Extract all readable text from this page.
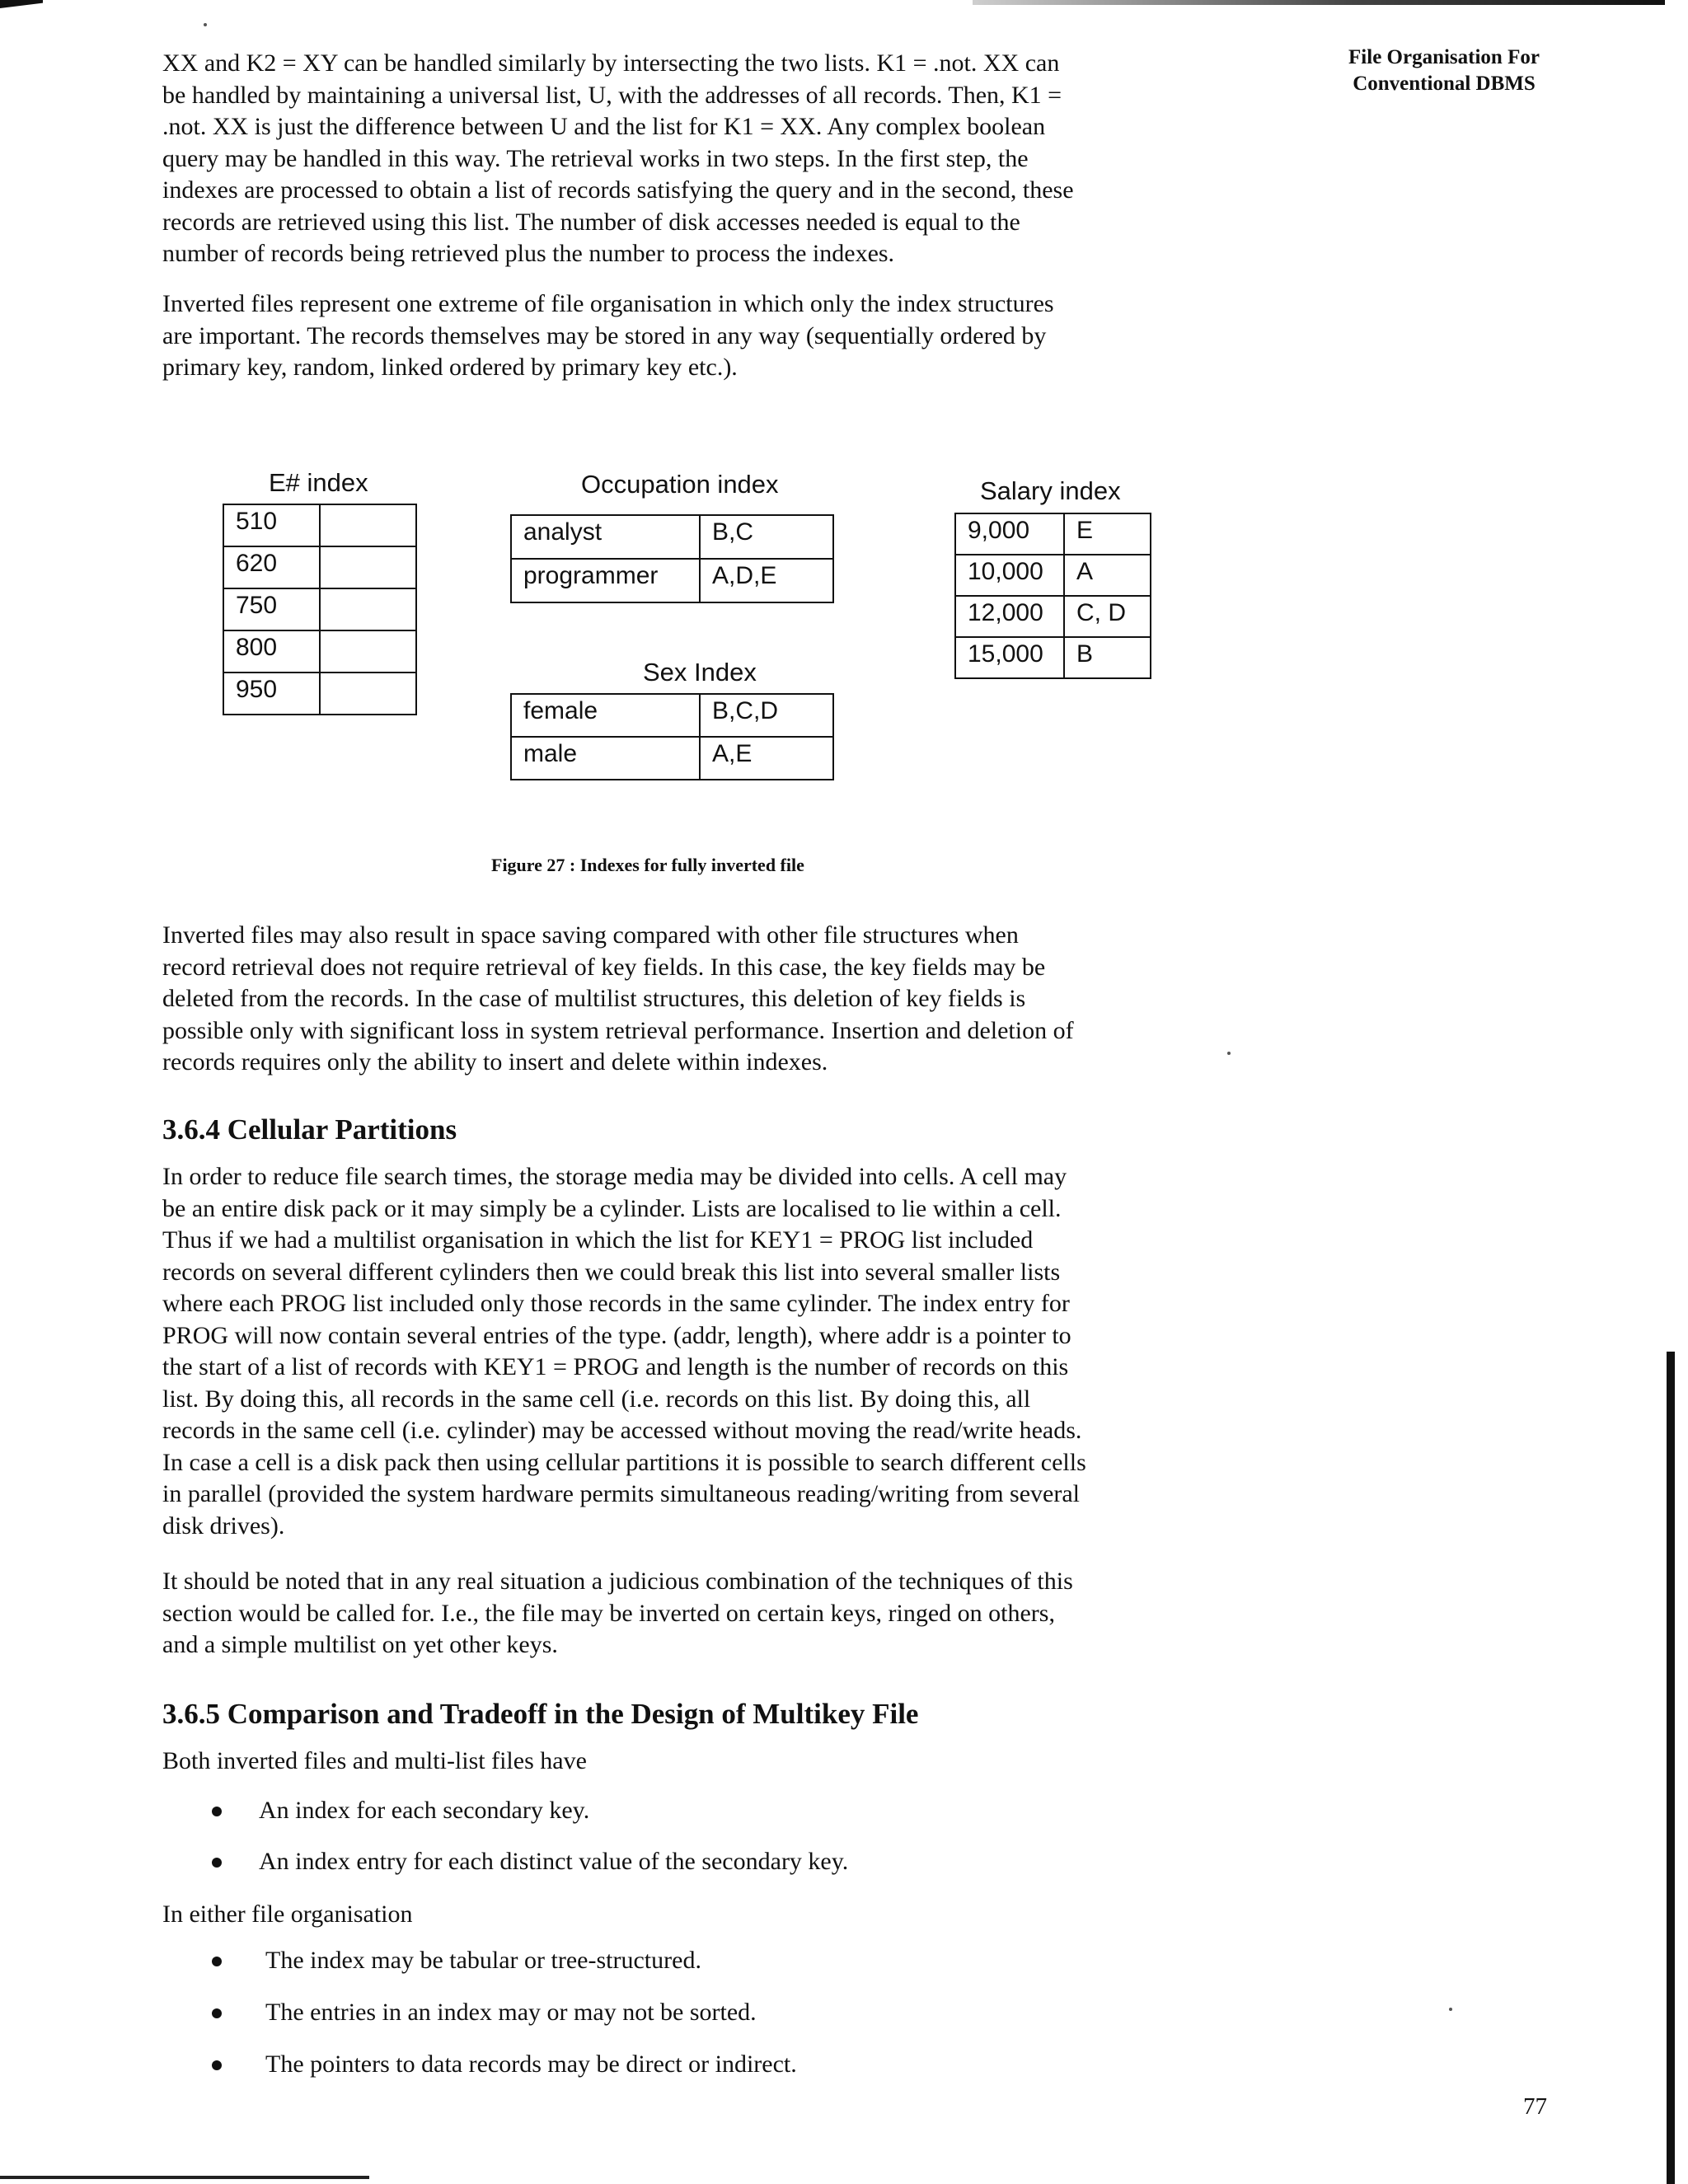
File Organisation For
Conventional DBMS

XX and K2 = XY can be handled similarly by intersecting the two lists. K1 = .not. XX can
be handled by maintaining a universal list, U, with the addresses of all records. Then, K1 =
.not. XX is just the difference between U and the list for K1 = XX. Any complex boolean
query may be handled in this way. The retrieval works in two steps. In the first step, the
indexes are processed to obtain a list of records satisfying the query and in the second, these
records are retrieved using this list. The number of disk accesses needed is equal to the
number of records being retrieved plus the number to process the indexes.

Inverted files represent one extreme of file organisation in which only the index structures
are important. The records themselves may be stored in any way (sequentially ordered by
primary key, random, linked ordered by primary key etc.).

E# index
510	
620	
750	
800	
950	
Occupation index
analyst	B,C
programmer	A,D,E
Sex Index
female	B,C,D
male	A,E
Salary index
9,000	E
10,000	A
12,000	C, D
15,000	B
Figure 27 : Indexes for fully inverted file

Inverted files may also result in space saving compared with other file structures when
record retrieval does not require retrieval of key fields. In this case, the key fields may be
deleted from the records. In the case of multilist structures, this deletion of key fields is
possible only with significant loss in system retrieval performance. Insertion and deletion of
records requires only the ability to insert and delete within indexes.

3.6.4 Cellular Partitions

In order to reduce file search times, the storage media may be divided into cells. A cell may
be an entire disk pack or it may simply be a cylinder. Lists are localised to lie within a cell.
Thus if we had a multilist organisation in which the list for KEY1 = PROG list included
records on several different cylinders then we could break this list into several smaller lists
where each PROG list included only those records in the same cylinder. The index entry for
PROG will now contain several entries of the type. (addr, length), where addr is a pointer to
the start of a list of records with KEY1 = PROG and length is the number of records on this
list. By doing this, all records in the same cell (i.e. records on this list. By doing this, all
records in the same cell (i.e. cylinder) may be accessed without moving the read/write heads.
In case a cell is a disk pack then using cellular partitions it is possible to search different cells
in parallel (provided the system hardware permits simultaneous reading/writing from several
disk drives).

It should be noted that in any real situation a judicious combination of the techniques of this
section would be called for. I.e., the file may be inverted on certain keys, ringed on others,
and a simple multilist on yet other keys.

3.6.5 Comparison and Tradeoff in the Design of Multikey File

Both inverted files and multi-list files have

An index for each secondary key.
An index entry for each distinct value of the secondary key.

In either file organisation

The index may be tabular or tree-structured.
The entries in an index may or may not be sorted.
The pointers to data records may be direct or indirect.
77
